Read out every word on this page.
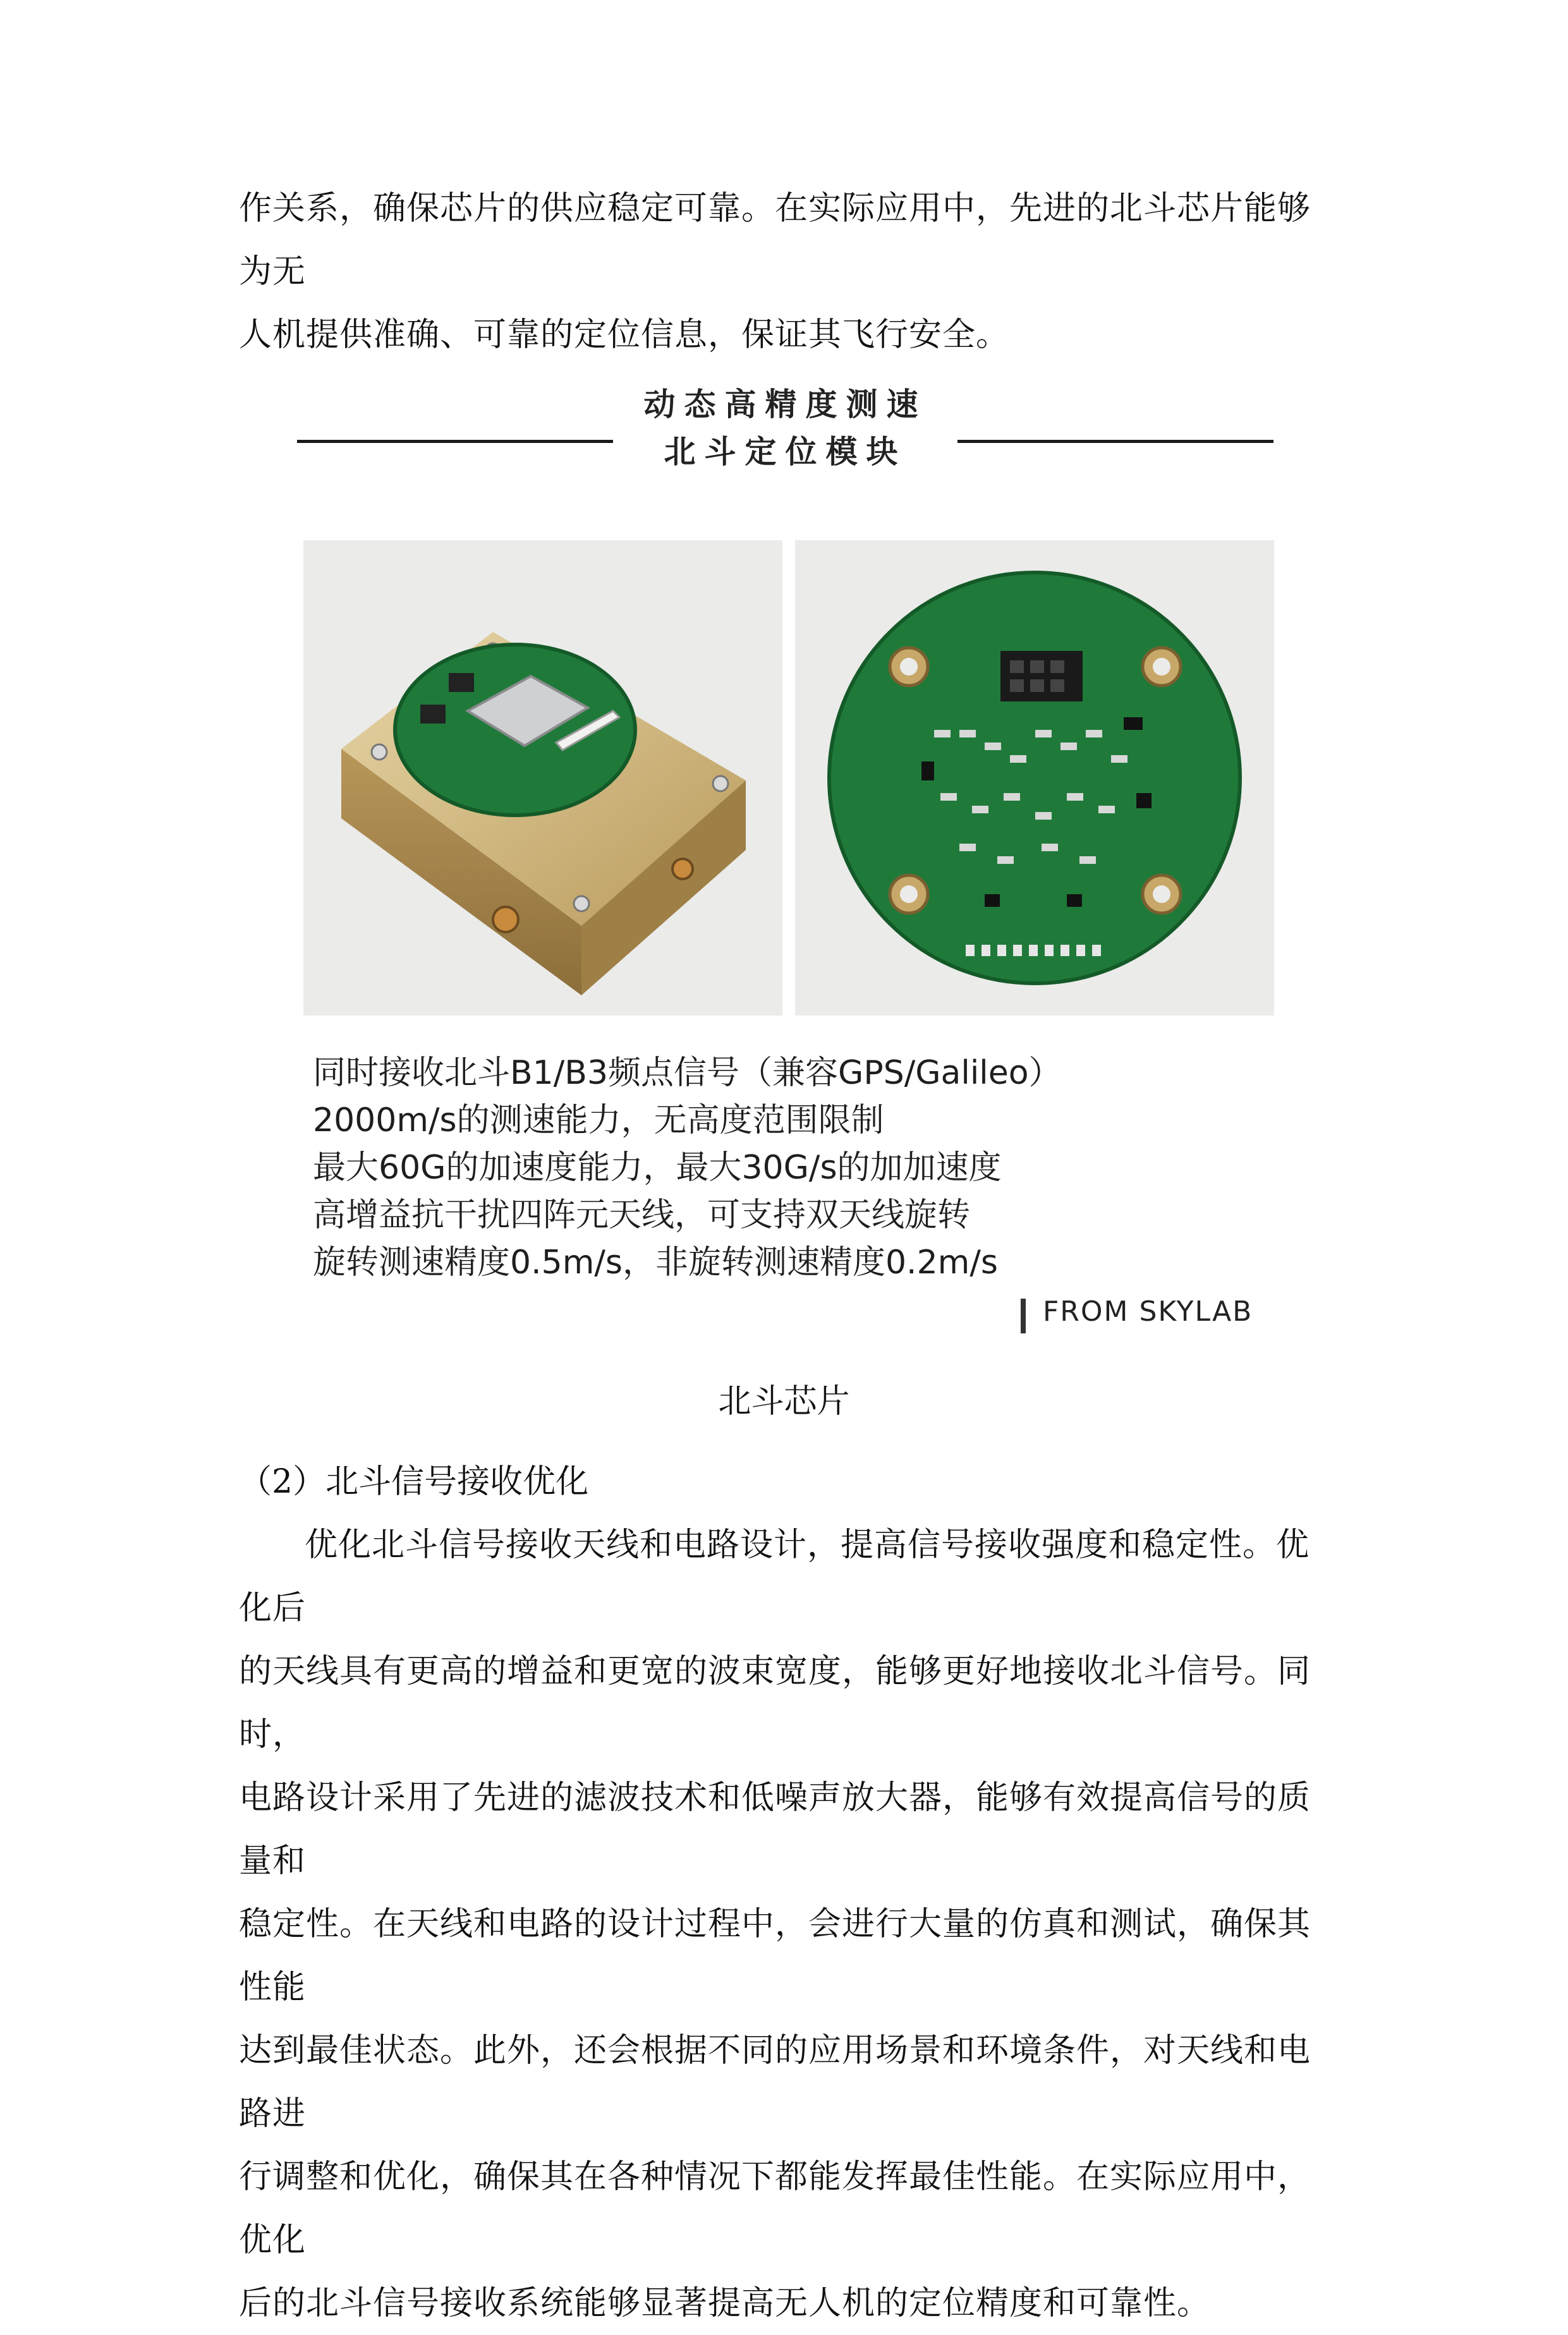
作关系，确保芯片的供应稳定可靠。在实际应用中，先进的北斗芯片能够为无

人机提供准确、可靠的定位信息，保证其飞行安全。

动态高精度测速
北斗定位模块
同时接收北斗B1/B3频点信号（兼容GPS/Galileo）
2000m/s的测速能力，无高度范围限制
最大60G的加速度能力，最大30G/s的加加速度
高增益抗干扰四阵元天线，可支持双天线旋转
旋转测速精度0.5m/s，非旋转测速精度0.2m/s
FROM SKYLAB
北斗芯片
（2）北斗信号接收优化

优化北斗信号接收天线和电路设计，提高信号接收强度和稳定性。优化后

的天线具有更高的增益和更宽的波束宽度，能够更好地接收北斗信号。同时，

电路设计采用了先进的滤波技术和低噪声放大器，能够有效提高信号的质量和

稳定性。在天线和电路的设计过程中，会进行大量的仿真和测试，确保其性能

达到最佳状态。此外，还会根据不同的应用场景和环境条件，对天线和电路进

行调整和优化，确保其在各种情况下都能发挥最佳性能。在实际应用中，优化

后的北斗信号接收系统能够显著提高无人机的定位精度和可靠性。
